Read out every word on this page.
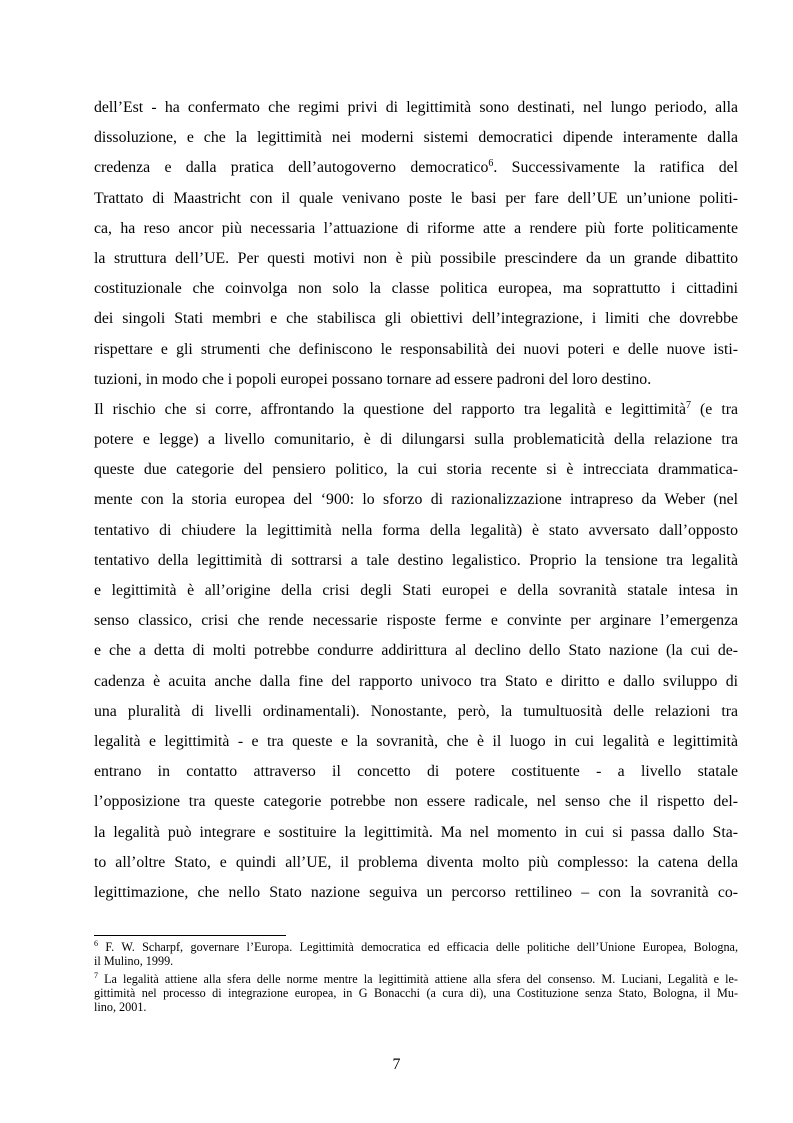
dell’Est - ha confermato che regimi privi di legittimità sono destinati, nel lungo periodo, alla
dissoluzione, e che la legittimità nei moderni sistemi democratici dipende interamente dalla
credenza e dalla pratica dell’autogoverno democratico$^6$. Successivamente la ratifica del
Trattato di Maastricht con il quale venivano poste le basi per fare dell’UE un’unione politi-
ca, ha reso ancor più necessaria l’attuazione di riforme atte a rendere più forte politicamente
la struttura dell’UE. Per questi motivi non è più possibile prescindere da un grande dibattito
costituzionale che coinvolga non solo la classe politica europea, ma soprattutto i cittadini
dei singoli Stati membri e che stabilisca gli obiettivi dell’integrazione, i limiti che dovrebbe
rispettare e gli strumenti che definiscono le responsabilità dei nuovi poteri e delle nuove isti-
tuzioni, in modo che i popoli europei possano tornare ad essere padroni del loro destino.
Il rischio che si corre, affrontando la questione del rapporto tra legalità e legittimità$^7$ (e tra
potere e legge) a livello comunitario, è di dilungarsi sulla problematicità della relazione tra
queste due categorie del pensiero politico, la cui storia recente si è intrecciata drammatica-
mente con la storia europea del ‘900: lo sforzo di razionalizzazione intrapreso da Weber (nel
tentativo di chiudere la legittimità nella forma della legalità) è stato avversato dall’opposto
tentativo della legittimità di sottrarsi a tale destino legalistico. Proprio la tensione tra legalità
e legittimità è all’origine della crisi degli Stati europei e della sovranità statale intesa in
senso classico, crisi che rende necessarie risposte ferme e convinte per arginare l’emergenza
e che a detta di molti potrebbe condurre addirittura al declino dello Stato nazione (la cui de-
cadenza è acuita anche dalla fine del rapporto univoco tra Stato e diritto e dallo sviluppo di
una pluralità di livelli ordinamentali). Nonostante, però, la tumultuosità delle relazioni tra
legalità e legittimità - e tra queste e la sovranità, che è il luogo in cui legalità e legittimità
entrano in contatto attraverso il concetto di potere costituente - a livello statale
l’opposizione tra queste categorie potrebbe non essere radicale, nel senso che il rispetto del-
la legalità può integrare e sostituire la legittimità. Ma nel momento in cui si passa dallo Sta-
to all’oltre Stato, e quindi all’UE, il problema diventa molto più complesso: la catena della
legittimazione, che nello Stato nazione seguiva un percorso rettilineo – con la sovranità co-
$^6$ F. W. Scharpf, governare l’Europa. Legittimità democratica ed efficacia delle politiche dell’Unione Europea, Bologna,
il Mulino, 1999.
$^7$ La legalità attiene alla sfera delle norme mentre la legittimità attiene alla sfera del consenso. M. Luciani, Legalità e le-
gittimità nel processo di integrazione europea, in G Bonacchi (a cura di), una Costituzione senza Stato, Bologna, il Mu-
lino, 2001.
7
